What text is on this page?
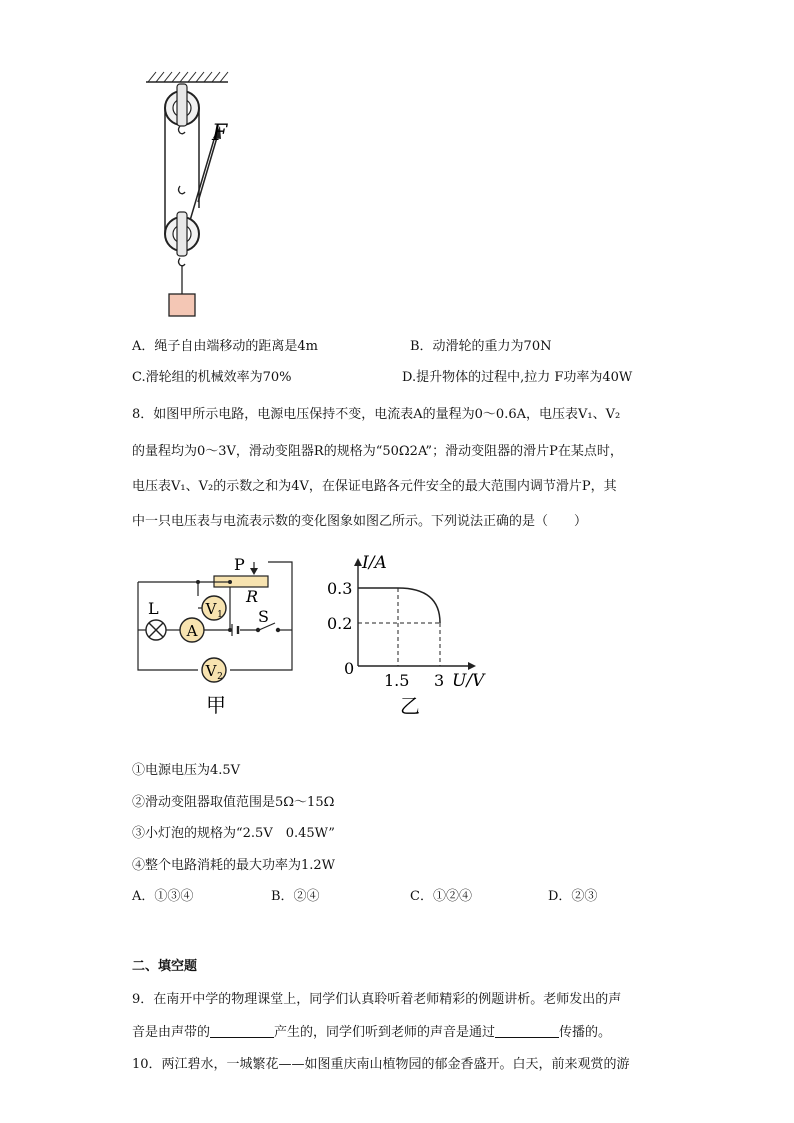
F
A．绳子自由端移动的距离是4m	B．动滑轮的重力为70N
C.滑轮组的机械效率为70%	D.提升物体的过程中,拉力 F功率为40W
8．如图甲所示电路，电源电压保持不变，电流表A的量程为0～0.6A，电压表V₁、V₂
的量程均为0～3V，滑动变阻器R的规格为“50Ω2A”；滑动变阻器的滑片P在某点时，
电压表V₁、V₂的示数之和为4V，在保证电路各元件安全的最大范围内调节滑片P，其
中一只电压表与电流表示数的变化图象如图乙所示。下列说法正确的是（　　）
A
V 1
V 2
P
R
L	S
甲
I/A
U/V
0.3
0.2
0
1.5 3
乙
①电源电压为4.5V
②滑动变阻器取值范围是5Ω～15Ω
③小灯泡的规格为“2.5V　0.45W”
④整个电路消耗的最大功率为1.2W
A．①③④	B．②④	C．①②④	D．②③
二、填空题
9．在南开中学的物理课堂上，同学们认真聆听着老师精彩的例题讲析。老师发出的声
音是由声带的	产生的，同学们听到老师的声音是通过	传播的。
10．两江碧水，一城繁花——如图重庆南山植物园的郁金香盛开。白天，前来观赏的游
